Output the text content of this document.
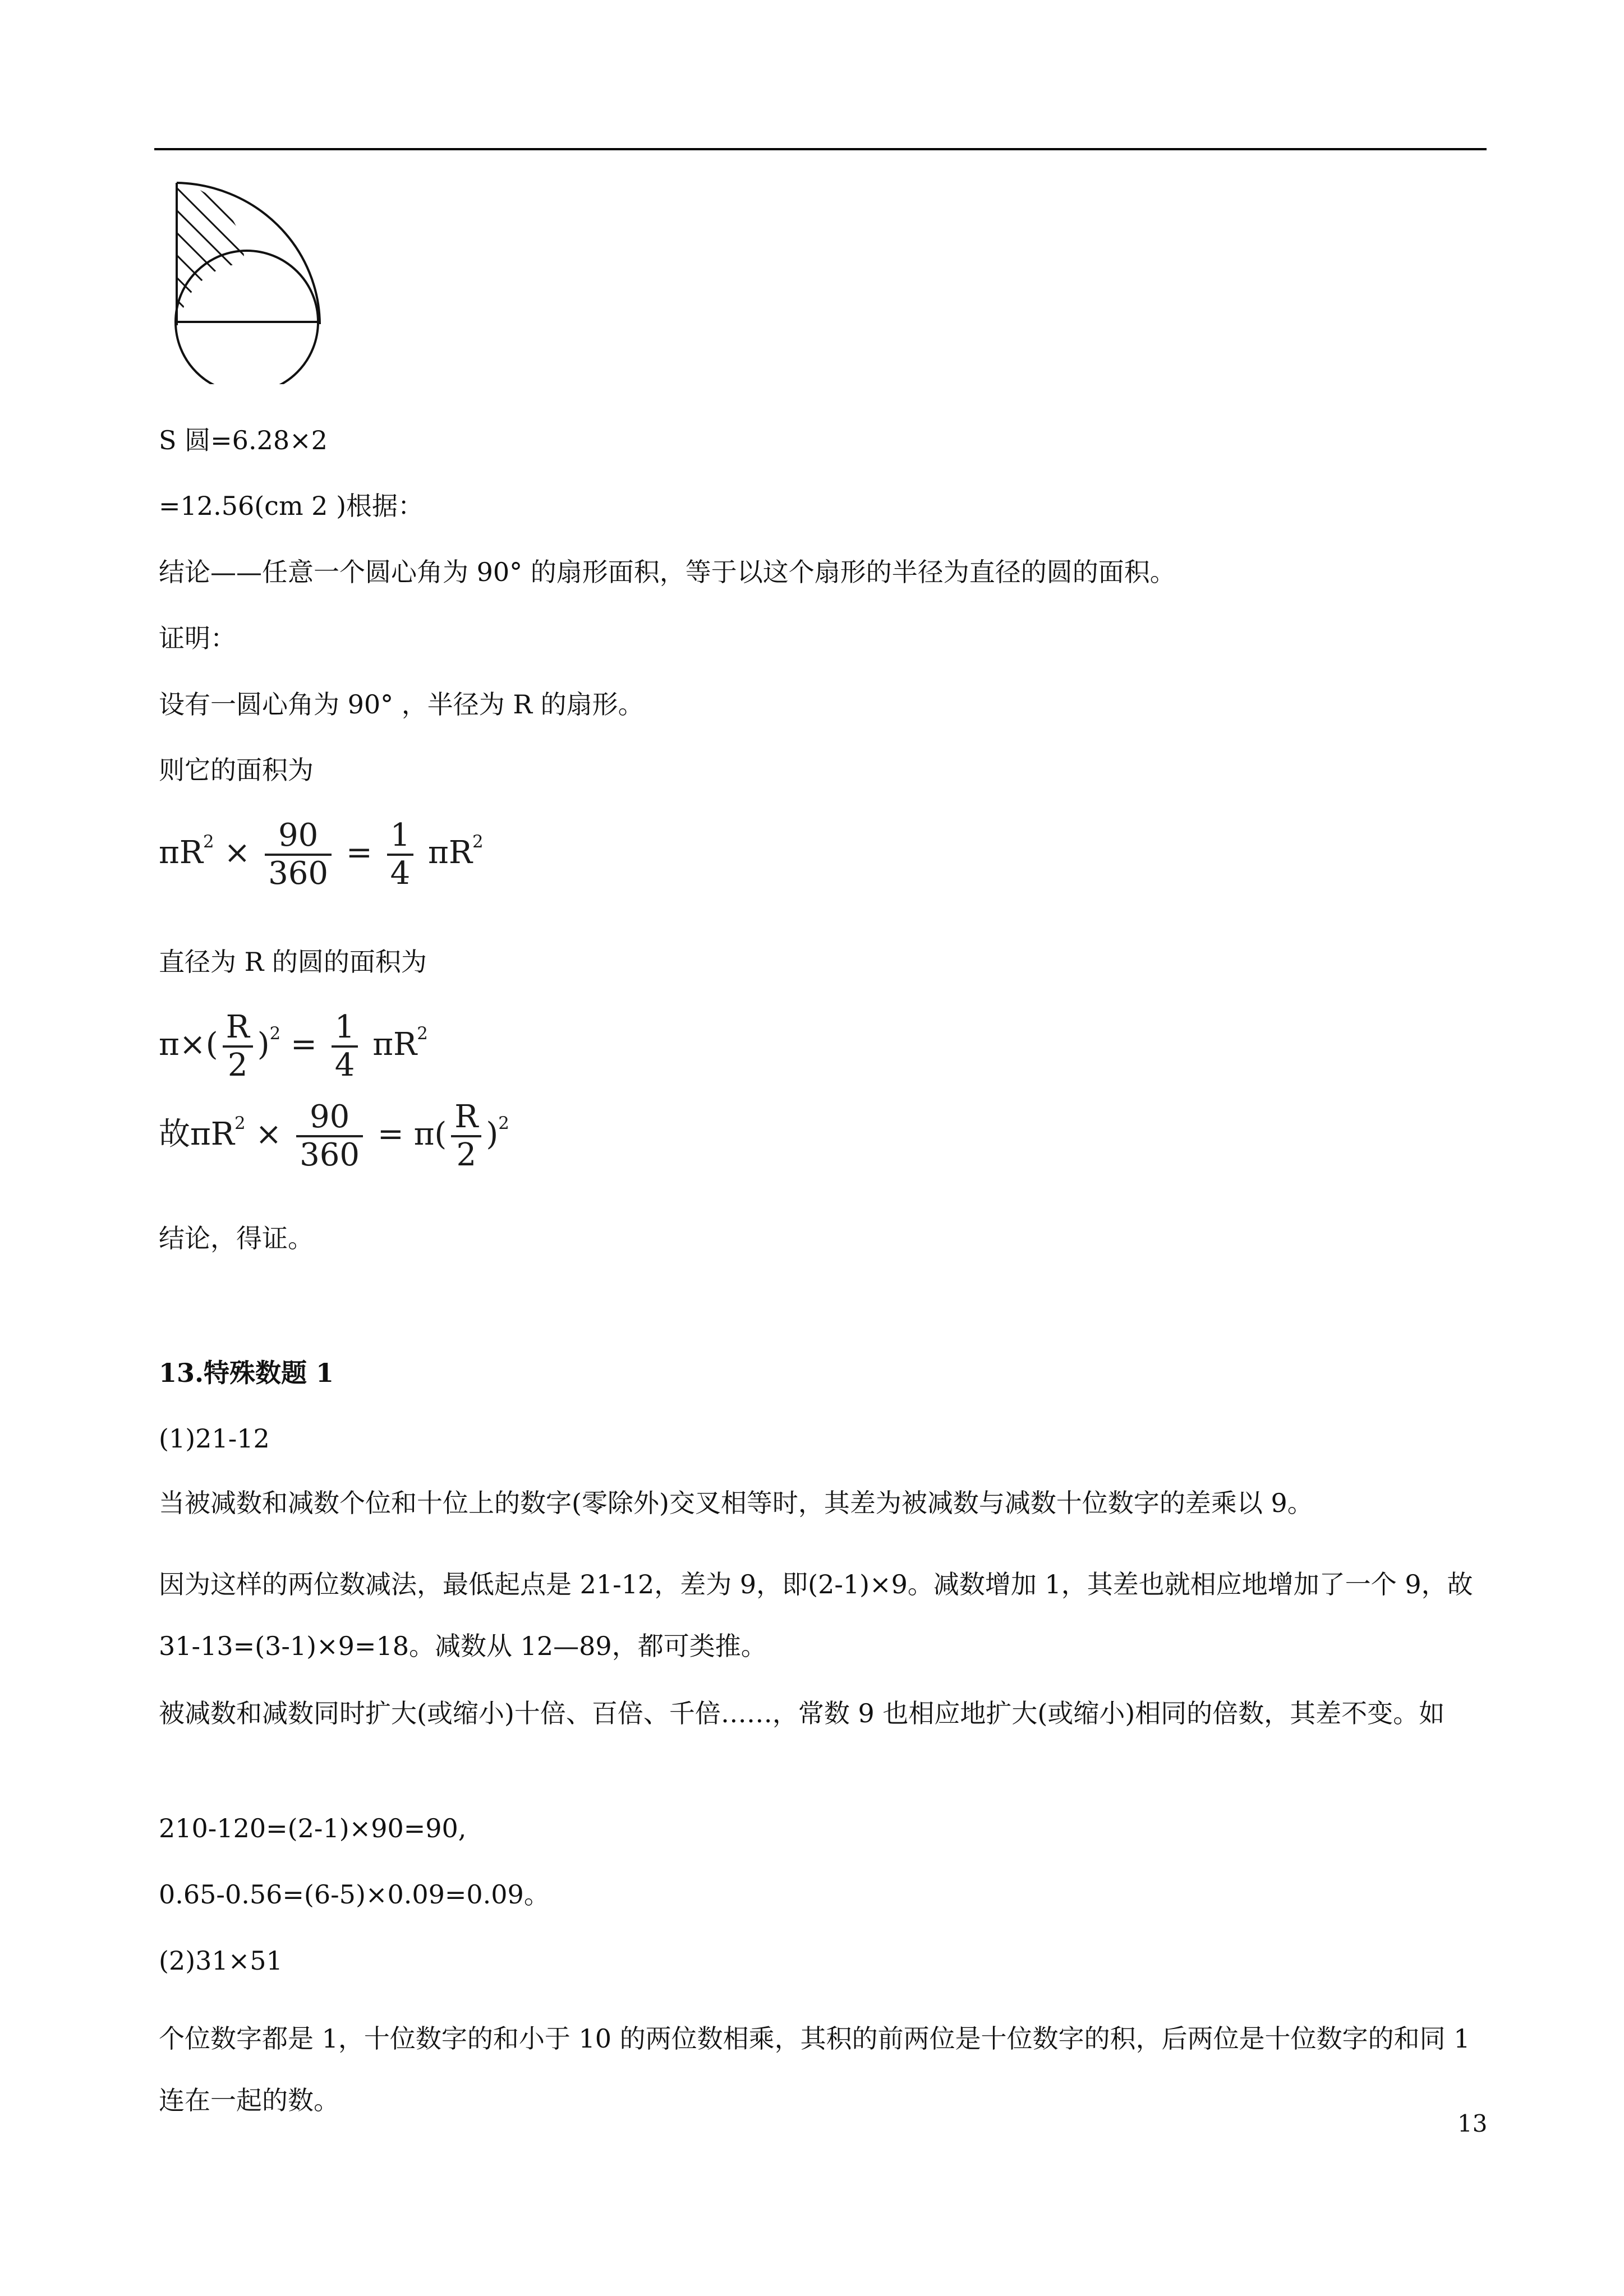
S 圆=6.28×2
=12.56(cm 2 )根据：
结论——任意一个圆心角为 90° 的扇形面积，等于以这个扇形的半径为直径的圆的面积。
证明：
设有一圆心角为 90° ，半径为 R 的扇形。
则它的面积为
$\pi R^2 \times \frac{90}{360} = \frac{1}{4} \pi R^2$
直径为 R 的圆的面积为
$\pi\times( \frac{R}{2} )^2 = \frac{1}{4} \pi R^2$
故$\pi R^2 \times \frac{90}{360} = \pi( \frac{R}{2} )^2$
结论，得证。
13.特殊数题 1
(1)21-12
当被减数和减数个位和十位上的数字(零除外)交叉相等时，其差为被减数与减数十位数字的差乘以 9。
因为这样的两位数减法，最低起点是 21-12，差为 9，即(2-1)×9。减数增加 1，其差也就相应地增加了一个 9，故 31-13=(3-1)×9=18。减数从 12—89，都可类推。
被减数和减数同时扩大(或缩小)十倍、百倍、千倍……，常数 9 也相应地扩大(或缩小)相同的倍数，其差不变。如
210-120=(2-1)×90=90,
0.65-0.56=(6-5)×0.09=0.09。
(2)31×51
个位数字都是 1，十位数字的和小于 10 的两位数相乘，其积的前两位是十位数字的积，后两位是十位数字的和同 1 连在一起的数。
13
